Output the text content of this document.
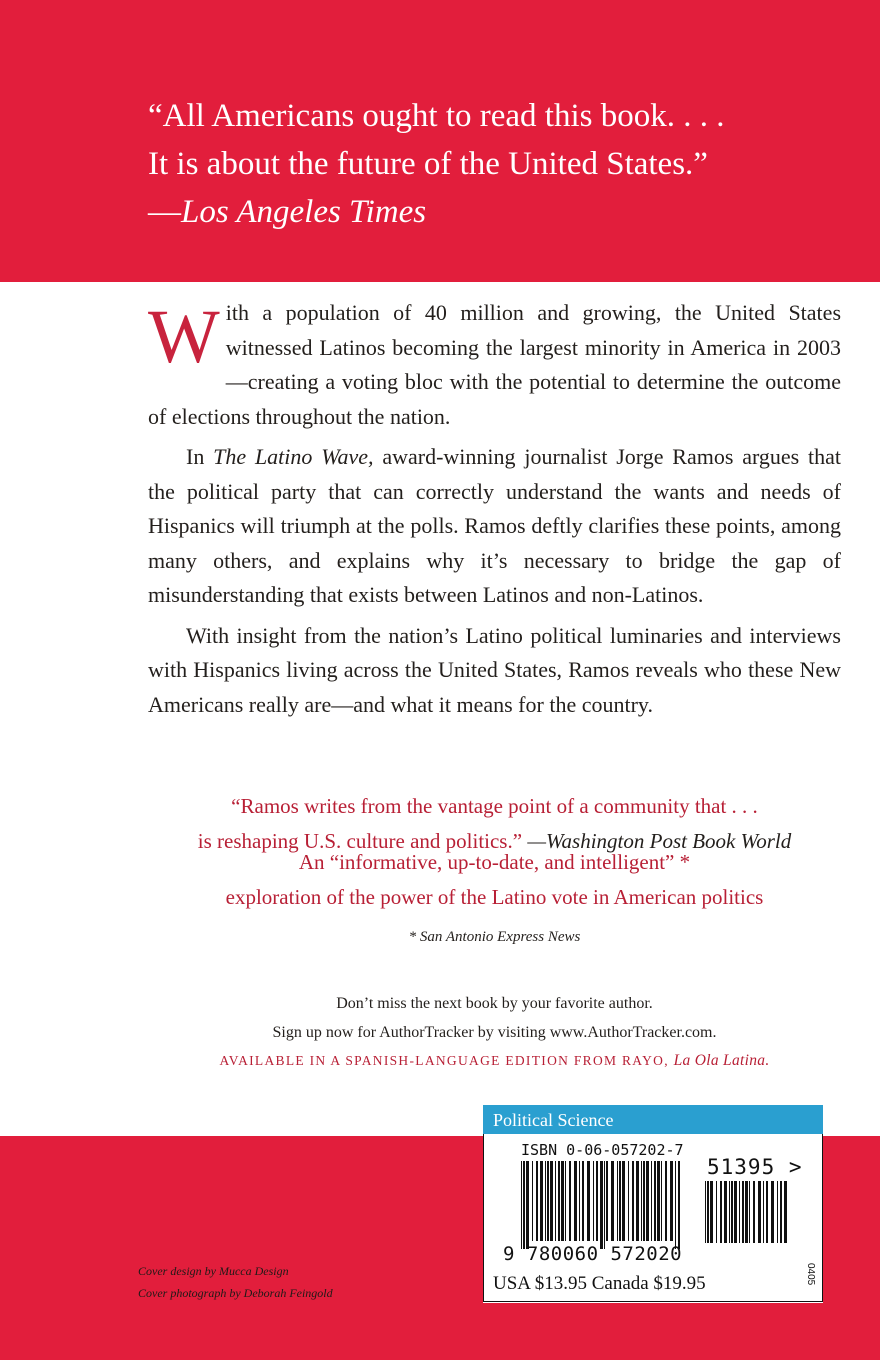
“All Americans ought to read this book. . . .
It is about the future of the United States.”

—Los Angeles Times

With a population of 40 million and growing, the United States witnessed Latinos becoming the largest minority in America in 2003—creating a voting bloc with the potential to determine the outcome of elections throughout the nation.

In The Latino Wave, award-winning journalist Jorge Ramos argues that the political party that can correctly understand the wants and needs of Hispanics will triumph at the polls. Ramos deftly clarifies these points, among many others, and explains why it’s necessary to bridge the gap of misunderstanding that exists between Latinos and non-Latinos.

With insight from the nation’s Latino political luminaries and interviews with Hispanics living across the United States, Ramos reveals who these New Americans really are—and what it means for the country.

“Ramos writes from the vantage point of a community that . . .
is reshaping U.S. culture and politics.” —Washington Post Book World
An “informative, up-to-date, and intelligent” *
exploration of the power of the Latino vote in American politics
* San Antonio Express News
Don’t miss the next book by your favorite author.
Sign up now for AuthorTracker by visiting www.AuthorTracker.com.
AVAILABLE IN A SPANISH-LANGUAGE EDITION FROM RAYO, La Ola Latina.
Cover design by Mucca Design
Cover photograph by Deborah Feingold
Political Science
ISBN 0-06-057202-7
51395 >
9 780060 572020
USA $13.95 Canada $19.95	0405
